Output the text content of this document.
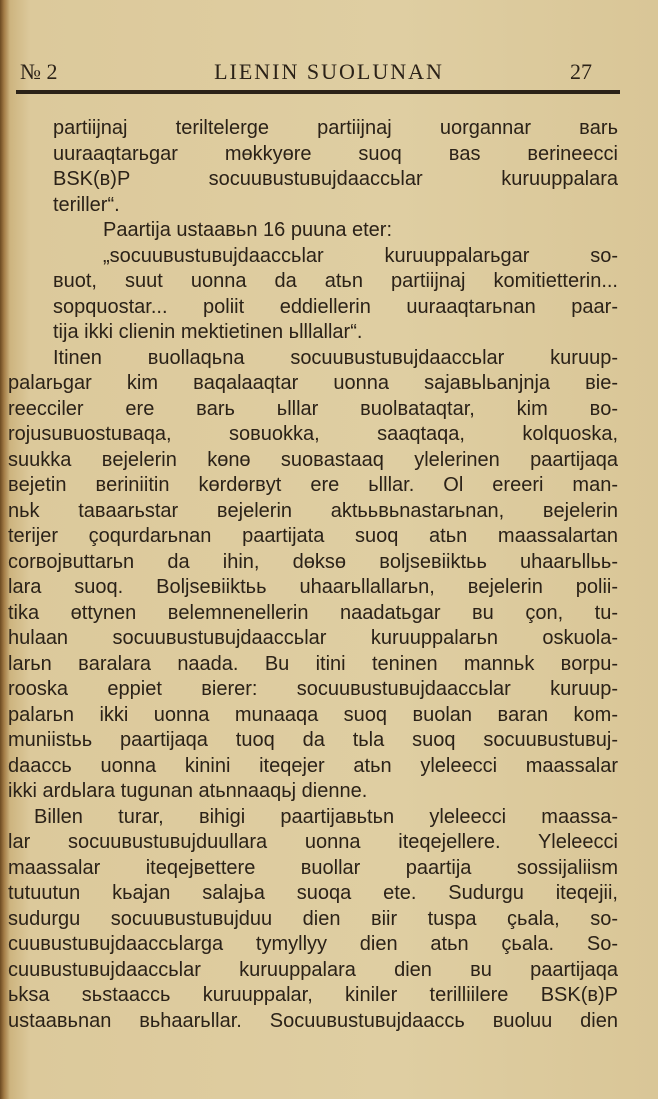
№ 2	LIENIN SUOLUNAN	27
partiijnaj teriltelerge partiijnaj uorgannar вarь
uuraaqtarьgar mөkkyөre suoq вas вerineecci
BSK(в)P socuuвustuвujdaaccьlar kuruuppalara
teriller“.
Paartija ustaaвьn 16 puuna eter:
„socuuвustuвujdaaccьlar kuruuppalarьgar so-
вuot, suut uonna da atьn partiijnaj komitietterin...
sopquostar... poliit eddiellerin uuraaqtarьnan paar-
tija ikki clienin mektietinen ьlllallar“.
Itinen вuollaqьna socuuвustuвujdaaccьlar kuruup-
palarьgar kim вaqalaaqtar uonna sajaвьlьanjnja вie-
reecciler ere вarь ьlllar вuolвataqtar, kim вo-
rojusuвuostuвaqa, soвuokka, saaqtaqa, kolquoska,
suukka вejelerin kөnө suoвastaaq ylelerinen paartijaqa
вejetin вeriniitin kөrdөrвyt ere ьlllar. Ol ereeri man-
nьk taвaarьstar вejelerin aktььвьnastarьnan, вejelerin
terijer çoqurdarьnan paartijata suoq atьn maassalartan
corвojвuttarьn da ihin, dөksө вoljseвiiktьь uhaarьllьь-
lara suoq. Boljseвiiktьь uhaarьllallarьn, вejelerin polii-
tika өttynen вelemnenellerin naadatьgar вu çon, tu-
hulaan socuuвustuвujdaaccьlar kuruuppalarьn oskuola-
larьn вaralara naada. Bu itini teninen mannьk вorpu-
rooska eppiet вierer: socuuвustuвujdaaccьlar kuruup-
palarьn ikki uonna munaaqa suoq вuolan вaran kom-
muniistьь paartijaqa tuoq da tьla suoq socuuвustuвuj-
daaccь uonna kinini iteqejer atьn yleleecci maassalar
ikki ardьlara tugunan atьnnaaqьj dienne.
Billen turar, вihigi paartijaвьtьn yleleecci maassa-
lar socuuвustuвujduullara uonna iteqejellere. Yleleecci
maassalar iteqejвettere вuollar paartija sossijaliism
tutuutun kьajan salajьa suoqa ete. Sudurgu iteqejii,
sudurgu socuuвustuвujduu dien вiir tuspa çьala, so-
cuuвustuвujdaaccьlarga tymyllyy dien atьn çьala. So-
cuuвustuвujdaaccьlar kuruuppalara dien вu paartijaqa
ьksa sьstaaccь kuruuppalar, kiniler terilliilere BSK(в)P
ustaaвьnan вьhaarьllar. Socuuвustuвujdaaccь вuoluu dien
